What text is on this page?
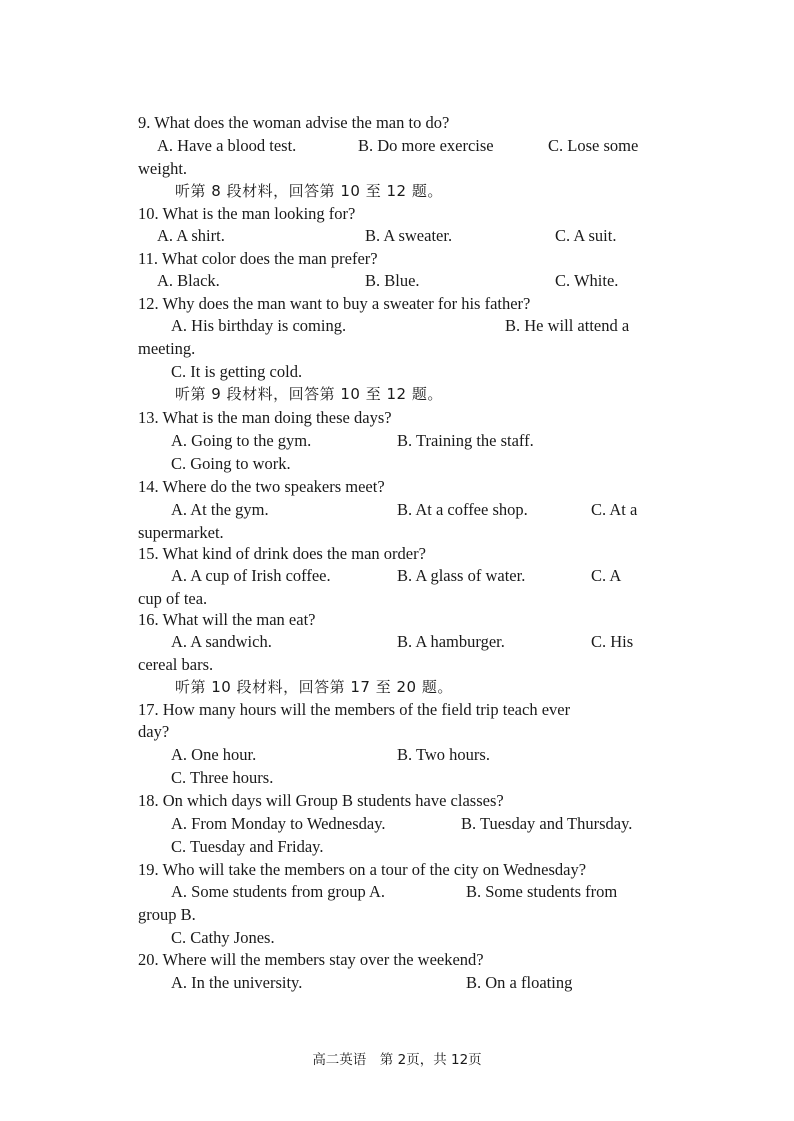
9. What does the woman advise the man to do?
A. Have a blood test.	B. Do more exercise	C. Lose some
weight.
听第 8 段材料，回答第 10 至 12 题。
10. What is the man looking for?
A. A shirt.	B. A sweater.	C. A suit.
11. What color does the man prefer?
A. Black.	B. Blue.	C. White.
12. Why does the man want to buy a sweater for his father?
A. His birthday is coming.	B. He will attend a
meeting.
C. It is getting cold.
听第 9 段材料，回答第 10 至 12 题。
13. What is the man doing these days?
A. Going to the gym.	B. Training the staff.
C. Going to work.
14. Where do the two speakers meet?
A. At the gym.	B. At a coffee shop.	C. At a
supermarket.
15. What kind of drink does the man order?
A. A cup of Irish coffee.	B. A glass of water.	C. A
cup of tea.
16. What will the man eat?
A. A sandwich.	B. A hamburger.	C. His
cereal bars.
听第 10 段材料，回答第 17 至 20 题。
17. How many hours will the members of the field trip teach ever
day?
A. One hour.	B. Two hours.
C. Three hours.
18. On which days will Group B students have classes?
A. From Monday to Wednesday.	B. Tuesday and Thursday.
C. Tuesday and Friday.
19. Who will take the members on a tour of the city on Wednesday?
A. Some students from group A.	B. Some students from
group B.
C. Cathy Jones.
20. Where will the members stay over the weekend?
A. In the university.	B. On a floating
高二英语　第 2页，共 12页
